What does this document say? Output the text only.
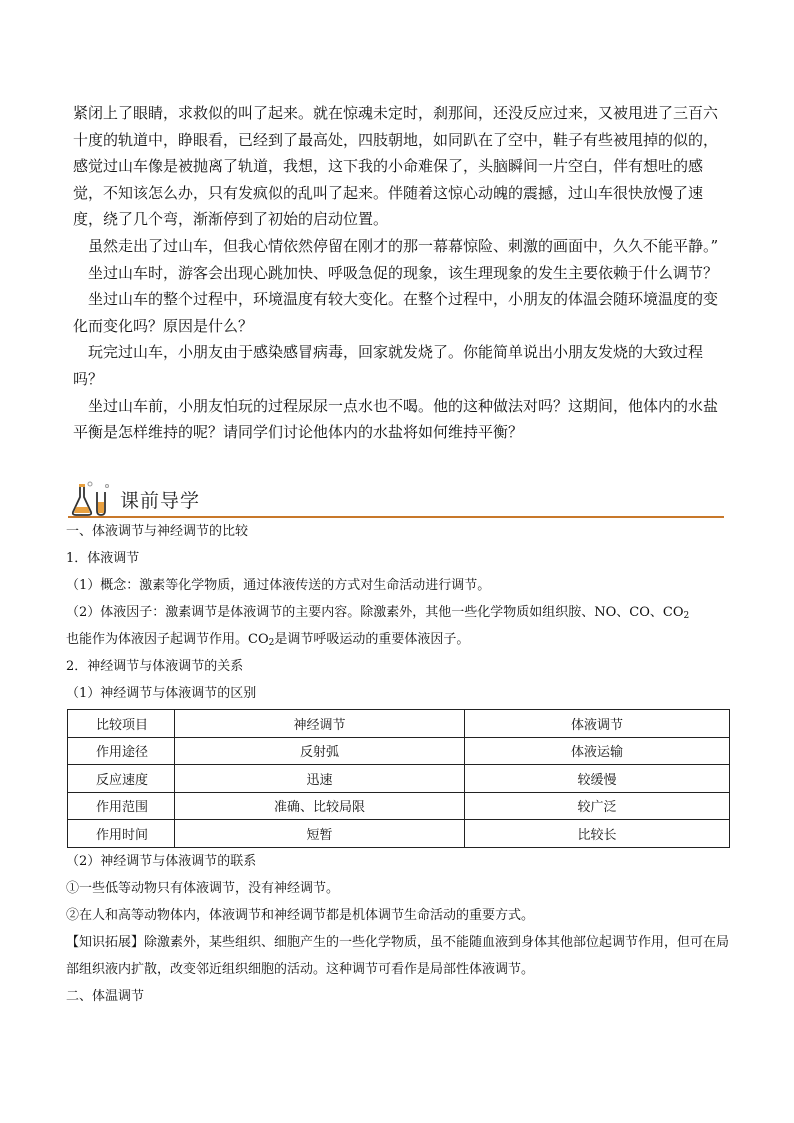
紧闭上了眼睛，求救似的叫了起来。就在惊魂未定时，刹那间，还没反应过来，又被甩进了三百六十度的轨道中，睁眼看，已经到了最高处，四肢朝地，如同趴在了空中，鞋子有些被甩掉的似的，感觉过山车像是被抛离了轨道，我想，这下我的小命难保了，头脑瞬间一片空白，伴有想吐的感觉，不知该怎么办，只有发疯似的乱叫了起来。伴随着这惊心动魄的震撼，过山车很快放慢了速度，绕了几个弯，渐渐停到了初始的启动位置。

虽然走出了过山车，但我心情依然停留在刚才的那一幕幕惊险、刺激的画面中，久久不能平静。”

坐过山车时，游客会出现心跳加快、呼吸急促的现象，该生理现象的发生主要依赖于什么调节？

坐过山车的整个过程中，环境温度有较大变化。在整个过程中，小朋友的体温会随环境温度的变化而变化吗？原因是什么？

玩完过山车，小朋友由于感染感冒病毒，回家就发烧了。你能简单说出小朋友发烧的大致过程吗？

坐过山车前，小朋友怕玩的过程尿尿一点水也不喝。他的这种做法对吗？这期间，他体内的水盐平衡是怎样维持的呢？请同学们讨论他体内的水盐将如何维持平衡？

课前导学

一、体液调节与神经调节的比较

1．体液调节

（1）概念：激素等化学物质，通过体液传送的方式对生命活动进行调节。

（2）体液因子：激素调节是体液调节的主要内容。除激素外，其他一些化学物质如组织胺、NO、CO、$CO_2$

也能作为体液因子起调节作用。$CO_2$是调节呼吸运动的重要体液因子。

2．神经调节与体液调节的关系

（1）神经调节与体液调节的区别

比较项目	神经调节	体液调节
作用途径	反射弧	体液运输
反应速度	迅速	较缓慢
作用范围	准确、比较局限	较广泛
作用时间	短暂	比较长

（2）神经调节与体液调节的联系

①一些低等动物只有体液调节，没有神经调节。

②在人和高等动物体内，体液调节和神经调节都是机体调节生命活动的重要方式。

【知识拓展】除激素外，某些组织、细胞产生的一些化学物质，虽不能随血液到身体其他部位起调节作用，但可在局部组织液内扩散，改变邻近组织细胞的活动。这种调节可看作是局部性体液调节。

二、体温调节
